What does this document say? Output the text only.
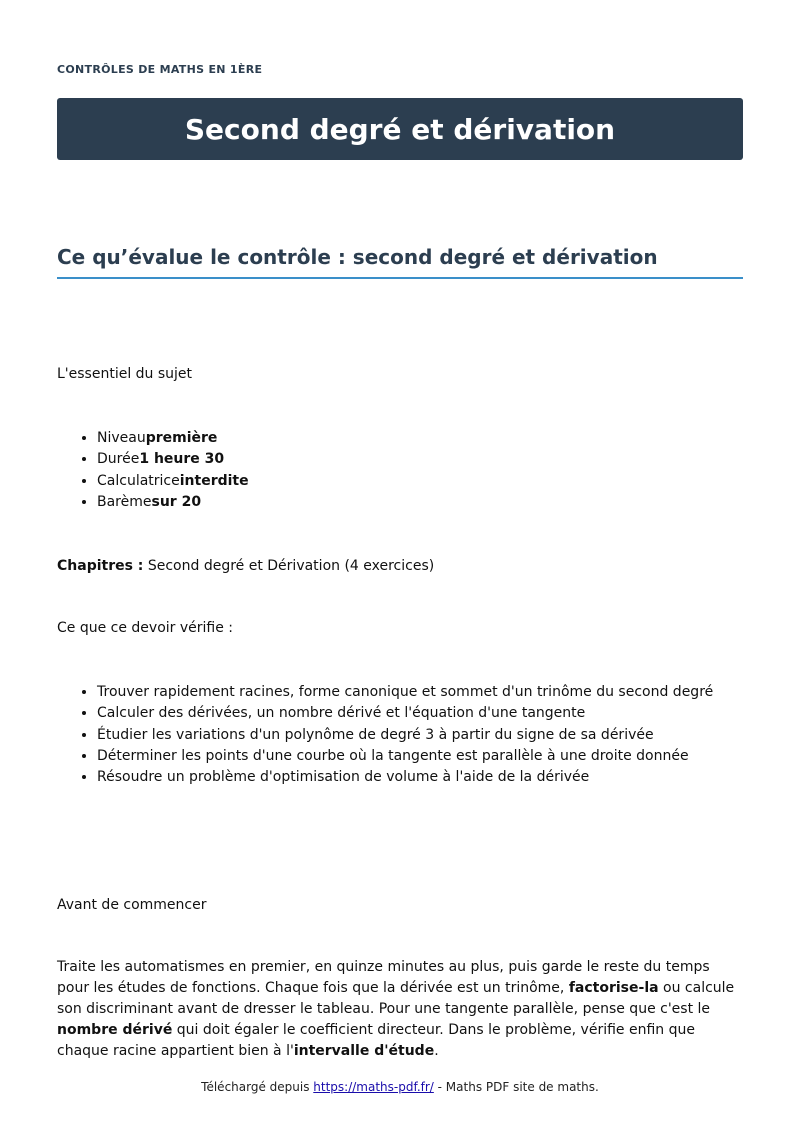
CONTRÔLES DE MATHS EN 1ÈRE
Second degré et dérivation
Ce qu’évalue le contrôle : second degré et dérivation
L'essentiel du sujet
• Niveaupremière
• Durée1 heure 30
• Calculatriceinterdite
• Barèmesur 20
Chapitres : Second degré et Dérivation (4 exercices)
Ce que ce devoir vérifie :
• Trouver rapidement racines, forme canonique et sommet d'un trinôme du second degré
• Calculer des dérivées, un nombre dérivé et l'équation d'une tangente
• Étudier les variations d'un polynôme de degré 3 à partir du signe de sa dérivée
• Déterminer les points d'une courbe où la tangente est parallèle à une droite donnée
• Résoudre un problème d'optimisation de volume à l'aide de la dérivée
Avant de commencer
Traite les automatismes en premier, en quinze minutes au plus, puis garde le reste du temps pour les études de fonctions. Chaque fois que la dérivée est un trinôme, factorise-la ou calcule son discriminant avant de dresser le tableau. Pour une tangente parallèle, pense que c'est le nombre dérivé qui doit égaler le coefficient directeur. Dans le problème, vérifie enfin que chaque racine appartient bien à l'intervalle d'étude.
Téléchargé depuis https://maths-pdf.fr/ - Maths PDF site de maths.
